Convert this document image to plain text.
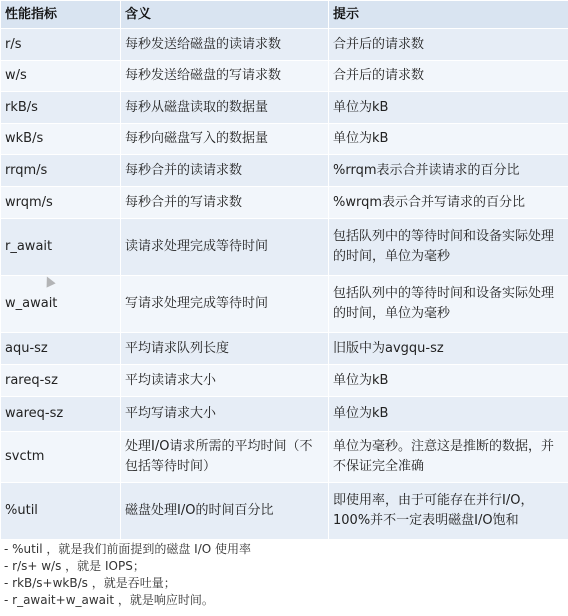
性能指标	含义	提示
r/s	每秒发送给磁盘的读请求数	合并后的请求数
w/s	每秒发送给磁盘的写请求数	合并后的请求数
rkB/s	每秒从磁盘读取的数据量	单位为kB
wkB/s	每秒向磁盘写入的数据量	单位为kB
rrqm/s	每秒合并的读请求数	%rrqm表示合并读请求的百分比
wrqm/s	每秒合并的写请求数	%wrqm表示合并写请求的百分比
r_await	读请求处理完成等待时间	包括队列中的等待时间和设备实际处理的时间，单位为毫秒
w_await	写请求处理完成等待时间	包括队列中的等待时间和设备实际处理的时间，单位为毫秒
aqu-sz	平均请求队列长度	旧版中为avgqu-sz
rareq-sz	平均读请求大小	单位为kB
wareq-sz	平均写请求大小	单位为kB
svctm	处理I/O请求所需的平均时间（不包括等待时间）	单位为毫秒。注意这是推断的数据，并不保证完全准确
%util	磁盘处理I/O的时间百分比	即使用率，由于可能存在并行I/O，100%并不一定表明磁盘I/O饱和
- %util ，就是我们前面提到的磁盘 I/O 使用率
- r/s+ w/s ，就是 IOPS；
- rkB/s+wkB/s ，就是吞吐量；
- r_await+w_await ，就是响应时间。
